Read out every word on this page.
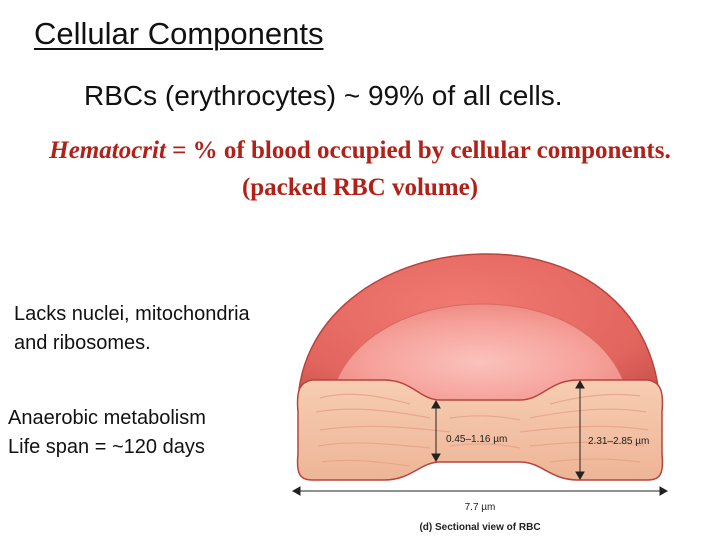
Cellular Components
RBCs (erythrocytes) ~ 99% of all cells.
Hematocrit = % of blood occupied by cellular components.
(packed RBC volume)
Lacks nuclei, mitochondria
and ribosomes.
Anaerobic metabolism
Life span = ~120 days	0.45–1.16 µm	2.31–2.85 µm
7.7 µm
(d) Sectional view of RBC
